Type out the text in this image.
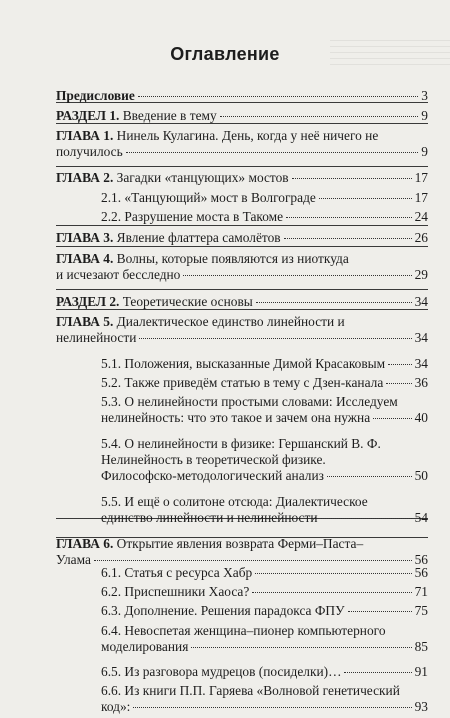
Оглавление
Предисловие	3
РАЗДЕЛ 1. Введение в тему	9
ГЛАВА 1. Нинель Кулагина. День, когда у неё ничего не
получилось	9
ГЛАВА 2. Загадки «танцующих» мостов	17
2.1. «Танцующий» мост в Волгограде	17
2.2. Разрушение моста в Такоме	24
ГЛАВА 3. Явление флаттера самолётов	26
ГЛАВА 4. Волны, которые появляются из ниоткуда
и исчезают бесследно	29
РАЗДЕЛ 2. Теоретические основы	34
ГЛАВА 5. Диалектическое единство линейности и
нелинейности	34
5.1. Положения, высказанные Димой Красаковым 34
5.2. Также приведём статью в тему с Дзен-канала 36
5.3. О нелинейности простыми словами: Исследуем
нелинейность: что это такое и зачем она нужна	40
5.4. О нелинейности в физике: Гершанский В. Ф.
Нелинейность в теоретической физике.
Философско-методологический анализ	50
5.5. И ещё о солитоне отсюда: Диалектическое
единство линейности и нелинейности	54
ГЛАВА 6. Открытие явления возврата Ферми–Паста–
Улама	56
6.1. Статья с ресурса Хабр	56
6.2. Приспешники Хаоса?	71
6.3. Дополнение. Решения парадокса ФПУ	75
6.4. Невоспетая женщина–пионер компьютерного
моделирования	85
6.5. Из разговора мудрецов (посиделки)…	91
6.6. Из книги П.П. Гаряева «Волновой генетический
код»:	93
